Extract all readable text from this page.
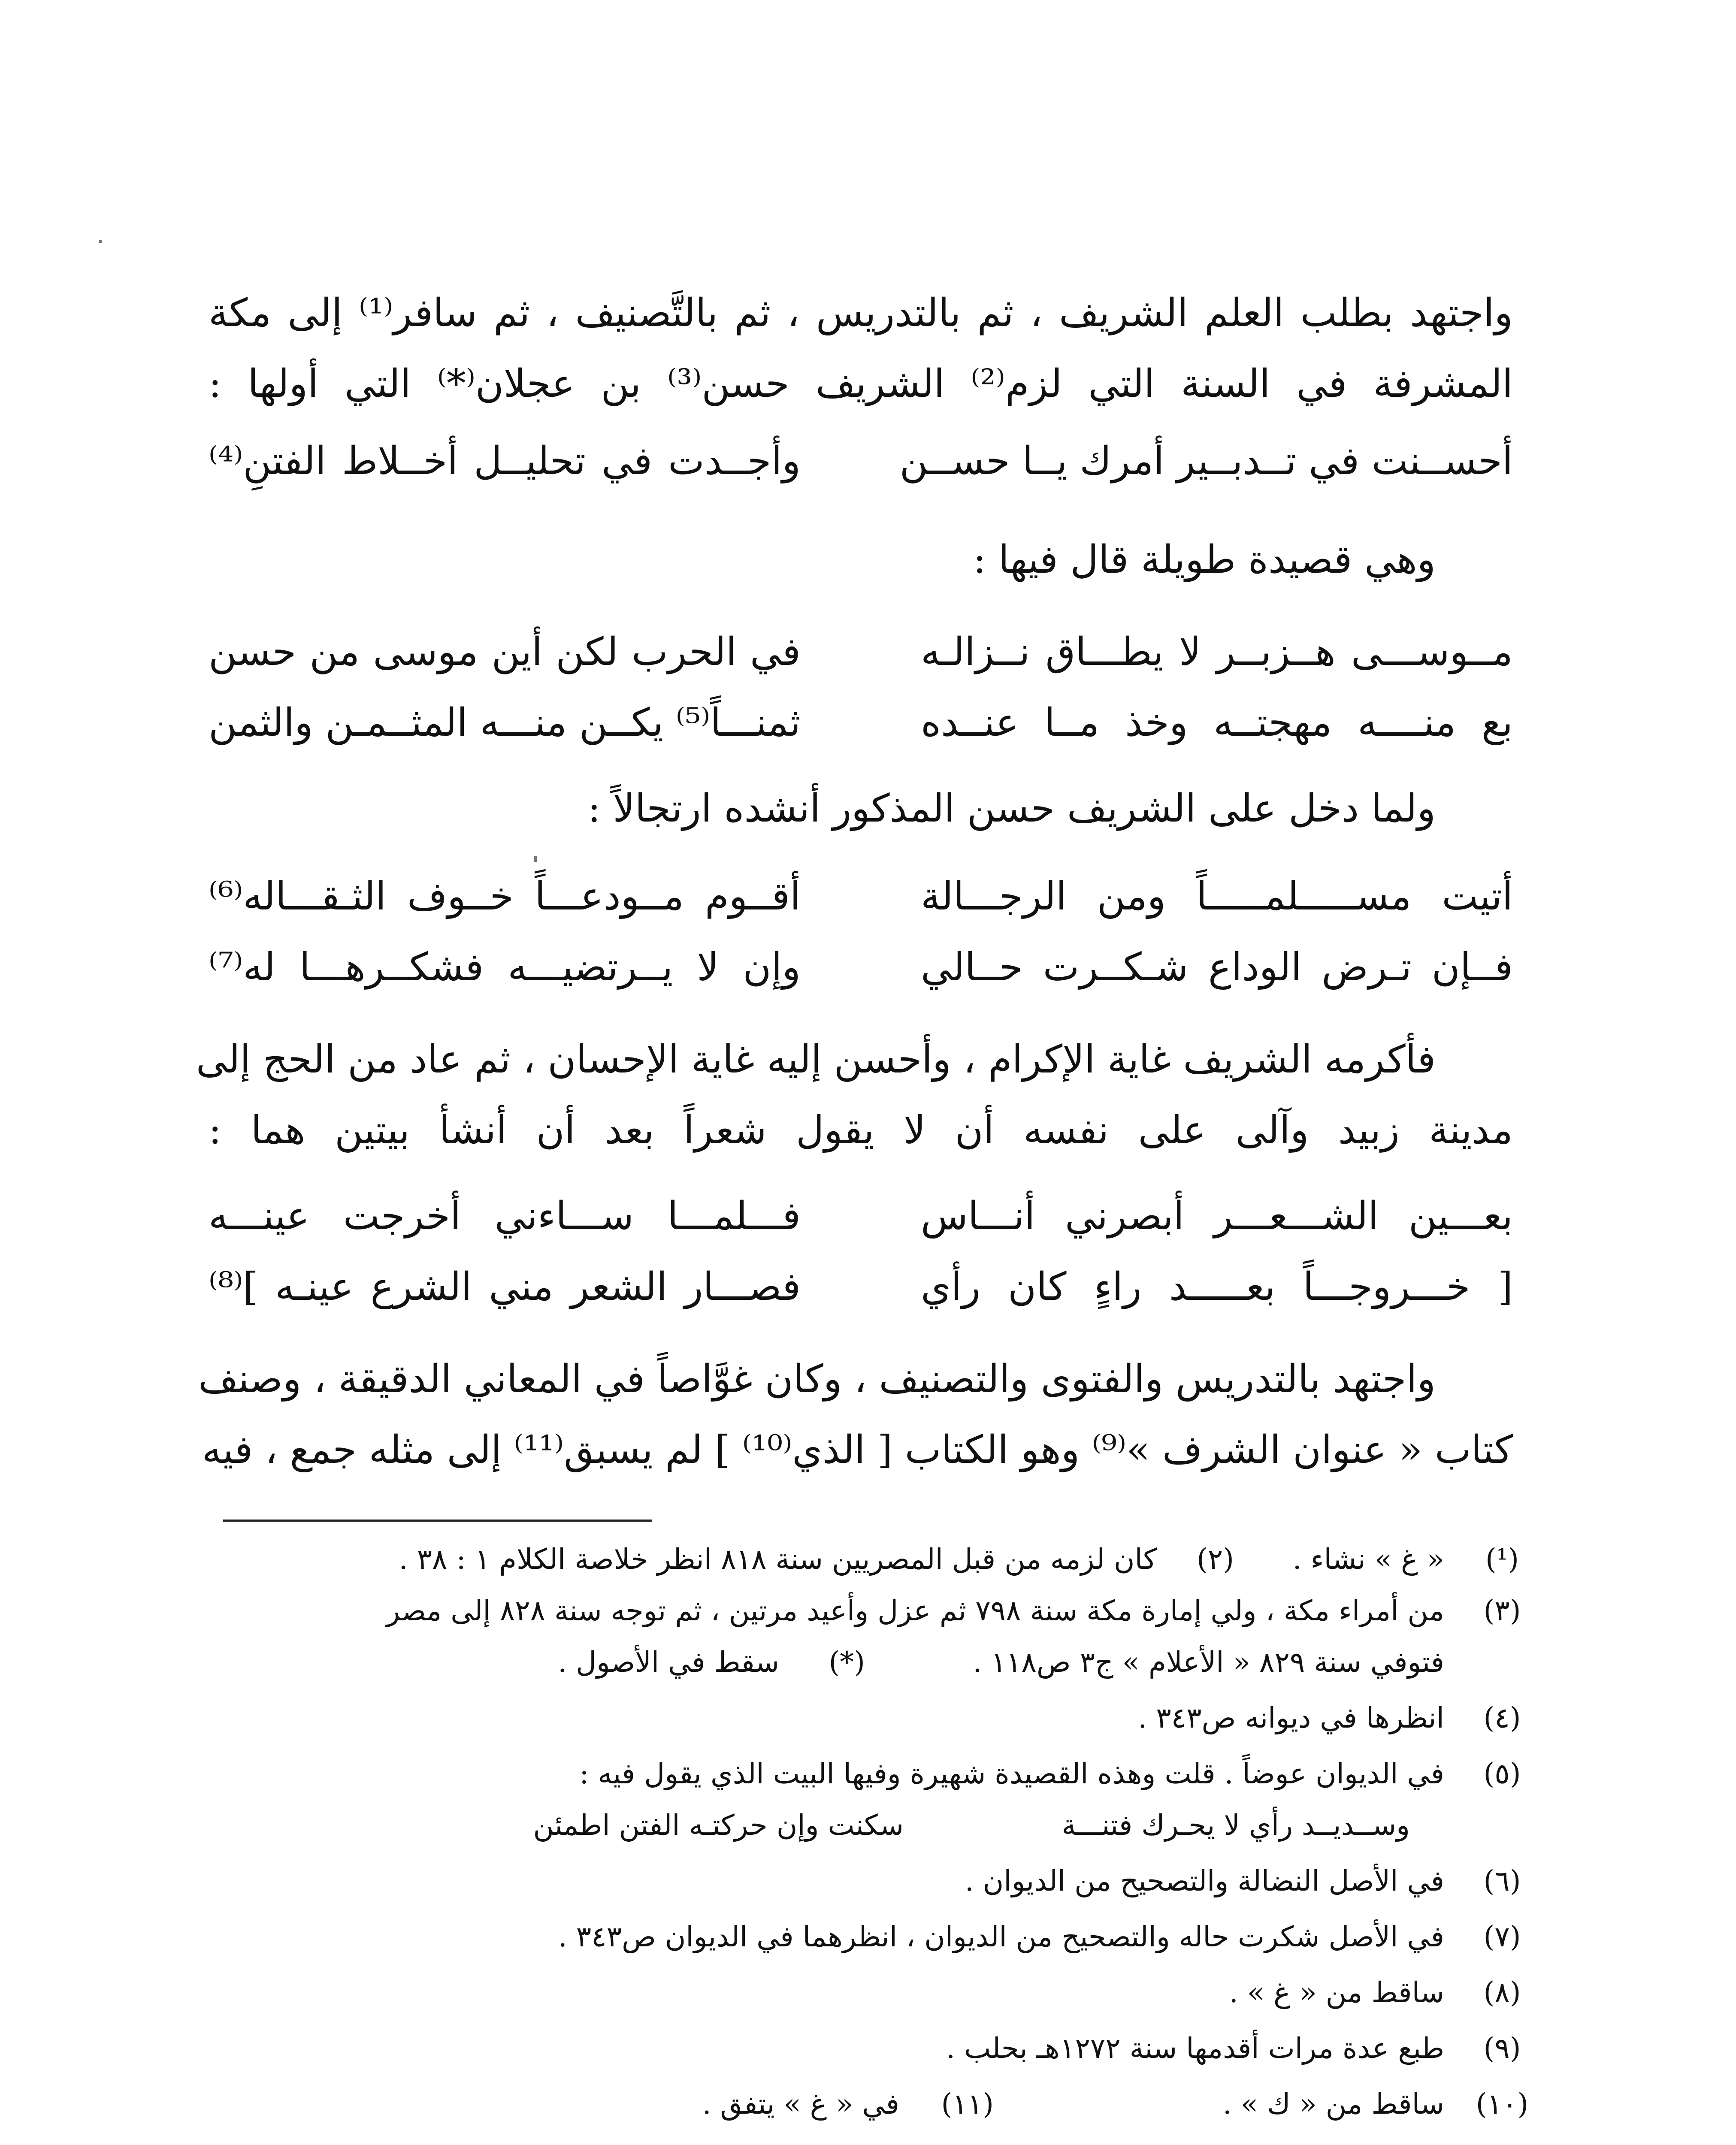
واجتهد بطلب العلم الشريف ، ثم بالتدريس ، ثم بالتَّصنيف ، ثم سافر⁽¹⁾ إلى مكة
المشرفة في السنة التي لزم⁽²⁾ الشريف حسن⁽³⁾ بن عجلان⁽*⁾ التي أولها :
أحســنت في تــدبــير أمرك يــا حســن
وأجــدت في تحليــل أخــلاط الفتنِ⁽⁴⁾
وهي قصيدة طويلة قال فيها :
مــوســـى هــزبــر لا يطـــاق نــزالـه
في الحرب لكن أين موسى من حسن
بع منــــه مهجتــه وخذ مــا عنــده
ثمنـــاً⁽⁵⁾ يكــن منـــه المثــمـن والثمن
ولما دخل على الشريف حسن المذكور أنشده ارتجالاً :
أتيت مســـــلمـــــاً ومن الرجـــالة
أقــوم مــودعـــاً خــوف الثـقـــاله⁽⁶⁾
فــإن تـرض الوداع شـكــرت حــالي
وإن لا يــرتضيـــه فشكــرهـــا له⁽⁷⁾
فأكرمه الشريف غاية الإكرام ، وأحسن إليه غاية الإحسان ، ثم عاد من الحج إلى
مدينة زبيد وآلى على نفسه أن لا يقول شعراً بعد أن أنشأ بيتين هما :
بعـــين الشـــعـــر أبصرني أنـــاس
فـــلمـــا ســـاءني أخرجت عينـــه
[ خـــروجـــاً بعـــــد راءٍ كان رأي
فصـــار الشعر مني الشرع عينـه ]⁽⁸⁾
واجتهد بالتدريس والفتوى والتصنيف ، وكان غوَّاصاً في المعاني الدقيقة ، وصنف
كتاب « عنوان الشرف »⁽⁹⁾ وهو الكتاب [ الذي⁽¹⁰⁾ ] لم يسبق⁽¹¹⁾ إلى مثله جمع ، فيه
(¹)
« غ » نشاء .
(٢)
كان لزمه من قبل المصريين سنة ٨١٨ انظر خلاصة الكلام ١ : ٣٨ .
(٣)
من أمراء مكة ، ولي إمارة مكة سنة ٧٩٨ ثم عزل وأعيد مرتين ، ثم توجه سنة ٨٢٨ إلى مصر
فتوفي سنة ٨٢٩ « الأعلام » ج٣ ص١١٨ .
(*)
سقط في الأصول .
(٤)
انظرها في ديوانه ص٣٤٣ .
(٥)
في الديوان عوضاً . قلت وهذه القصيدة شهيرة وفيها البيت الذي يقول فيه :
وســديــد رأي لا يحـرك فتنـــة
سكنت وإن حركتـه الفتن اطمئن
(٦)
في الأصل النضالة والتصحيح من الديوان .
(٧)
في الأصل شكرت حاله والتصحيح من الديوان ، انظرهما في الديوان ص٣٤٣ .
(٨)
ساقط من « غ » .
(٩)
طبع عدة مرات أقدمها سنة ١٢٧٢هـ بحلب .
(١٠)
ساقط من « ك » .
(١١)
في « غ » يتفق .
